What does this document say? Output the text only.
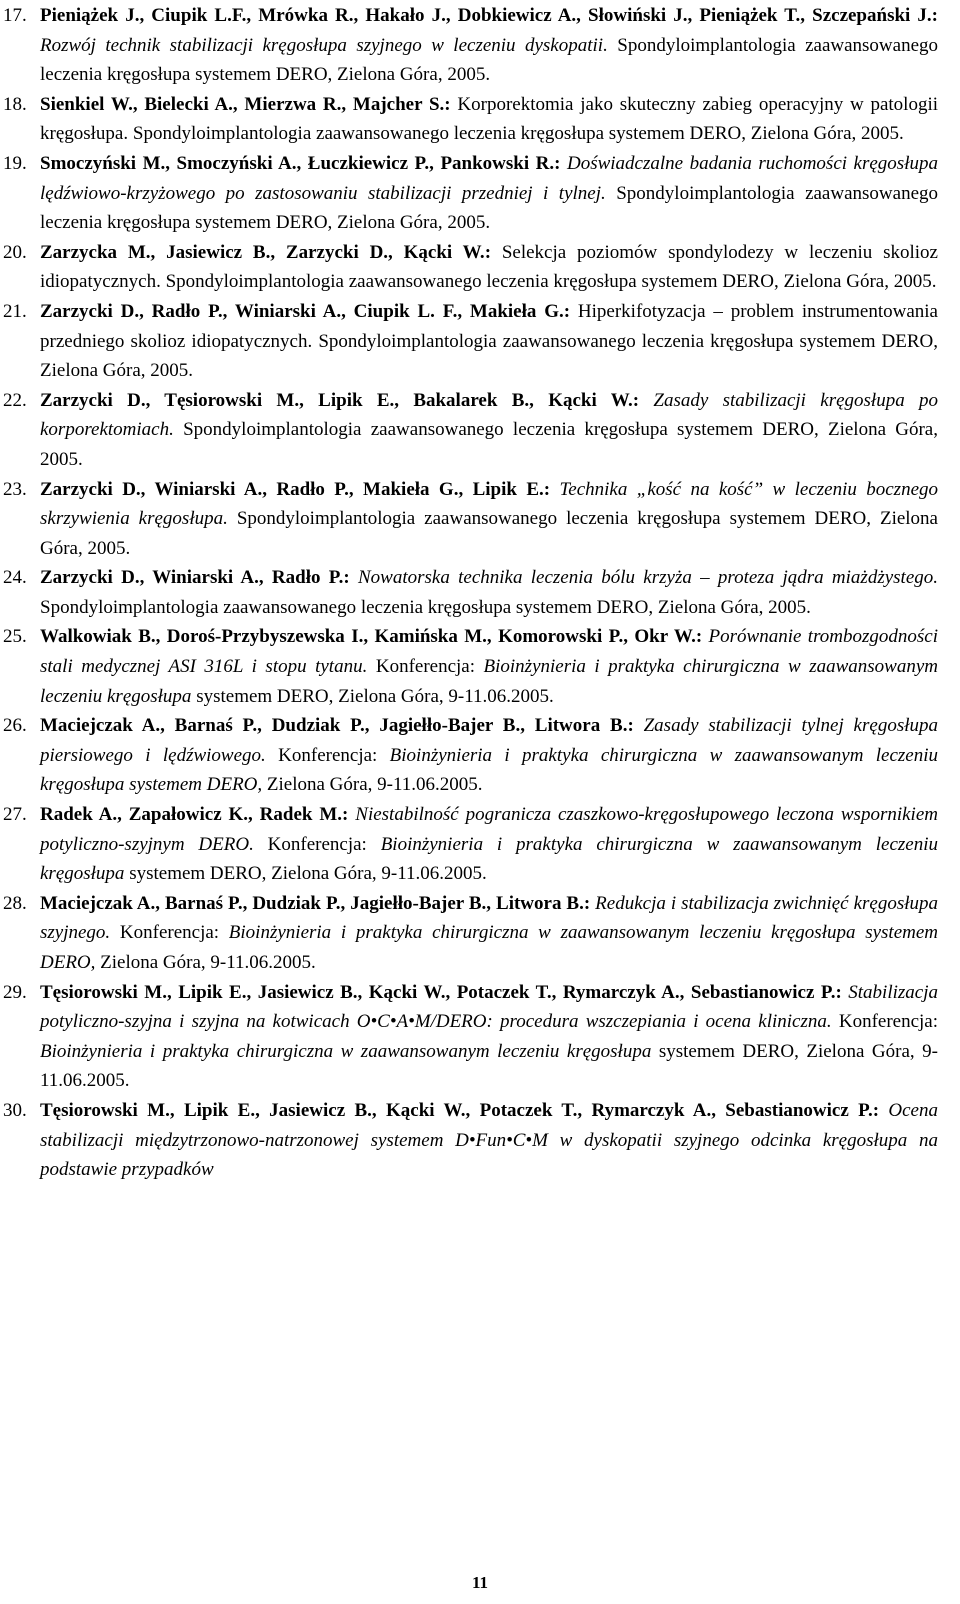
17. Pieniążek J., Ciupik L.F., Mrówka R., Hakało J., Dobkiewicz A., Słowiński J., Pieniążek T., Szczepański J.: Rozwój technik stabilizacji kręgosłupa szyjnego w leczeniu dyskopatii. Spondyloimplantologia zaawansowanego leczenia kręgosłupa systemem DERO, Zielona Góra, 2005.
18. Sienkiel W., Bielecki A., Mierzwa R., Majcher S.: Korporektomia jako skuteczny zabieg operacyjny w patologii kręgosłupa. Spondyloimplantologia zaawansowanego leczenia kręgosłupa systemem DERO, Zielona Góra, 2005.
19. Smoczyński M., Smoczyński A., Łuczkiewicz P., Pankowski R.: Doświadczalne badania ruchomości kręgosłupa lędźwiowo-krzyżowego po zastosowaniu stabilizacji przedniej i tylnej. Spondyloimplantologia zaawansowanego leczenia kręgosłupa systemem DERO, Zielona Góra, 2005.
20. Zarzycka M., Jasiewicz B., Zarzycki D., Kącki W.: Selekcja poziomów spondylodezy w leczeniu skolioz idiopatycznych. Spondyloimplantologia zaawansowanego leczenia kręgosłupa systemem DERO, Zielona Góra, 2005.
21. Zarzycki D., Radło P., Winiarski A., Ciupik L. F., Makieła G.: Hiperkifotyzacja – problem instrumentowania przedniego skolioz idiopatycznych. Spondyloimplantologia zaawansowanego leczenia kręgosłupa systemem DERO, Zielona Góra, 2005.
22. Zarzycki D., Tęsiorowski M., Lipik E., Bakalarek B., Kącki W.: Zasady stabilizacji kręgosłupa po korporektomiach. Spondyloimplantologia zaawansowanego leczenia kręgosłupa systemem DERO, Zielona Góra, 2005.
23. Zarzycki D., Winiarski A., Radło P., Makieła G., Lipik E.: Technika „kość na kość” w leczeniu bocznego skrzywienia kręgosłupa. Spondyloimplantologia zaawansowanego leczenia kręgosłupa systemem DERO, Zielona Góra, 2005.
24. Zarzycki D., Winiarski A., Radło P.: Nowatorska technika leczenia bólu krzyża – proteza jądra miażdżystego. Spondyloimplantologia zaawansowanego leczenia kręgosłupa systemem DERO, Zielona Góra, 2005.
25. Walkowiak B., Doroś-Przybyszewska I., Kamińska M., Komorowski P., Okr W.: Porównanie trombozgodności stali medycznej ASI 316L i stopu tytanu. Konferencja: Bioinżynieria i praktyka chirurgiczna w zaawansowanym leczeniu kręgosłupa systemem DERO, Zielona Góra, 9-11.06.2005.
26. Maciejczak A., Barnaś P., Dudziak P., Jagiełło-Bajer B., Litwora B.: Zasady stabilizacji tylnej kręgosłupa piersiowego i lędźwiowego. Konferencja: Bioinżynieria i praktyka chirurgiczna w zaawansowanym leczeniu kręgosłupa systemem DERO, Zielona Góra, 9-11.06.2005.
27. Radek A., Zapałowicz K., Radek M.: Niestabilność pogranicza czaszkowo-kręgosłupowego leczona wspornikiem potyliczno-szyjnym DERO. Konferencja: Bioinżynieria i praktyka chirurgiczna w zaawansowanym leczeniu kręgosłupa systemem DERO, Zielona Góra, 9-11.06.2005.
28. Maciejczak A., Barnaś P., Dudziak P., Jagiełło-Bajer B., Litwora B.: Redukcja i stabilizacja zwichnięć kręgosłupa szyjnego. Konferencja: Bioinżynieria i praktyka chirurgiczna w zaawansowanym leczeniu kręgosłupa systemem DERO, Zielona Góra, 9-11.06.2005.
29. Tęsiorowski M., Lipik E., Jasiewicz B., Kącki W., Potaczek T., Rymarczyk A., Sebastianowicz P.: Stabilizacja potyliczno-szyjna i szyjna na kotwicach O•C•A•M/DERO: procedura wszczepiania i ocena kliniczna. Konferencja: Bioinżynieria i praktyka chirurgiczna w zaawansowanym leczeniu kręgosłupa systemem DERO, Zielona Góra, 9-11.06.2005.
30. Tęsiorowski M., Lipik E., Jasiewicz B., Kącki W., Potaczek T., Rymarczyk A., Sebastianowicz P.: Ocena stabilizacji międzytrzonowo-natrzonowej systemem D•Fun•C•M w dyskopatii szyjnego odcinka kręgosłupa na podstawie przypadków
11
